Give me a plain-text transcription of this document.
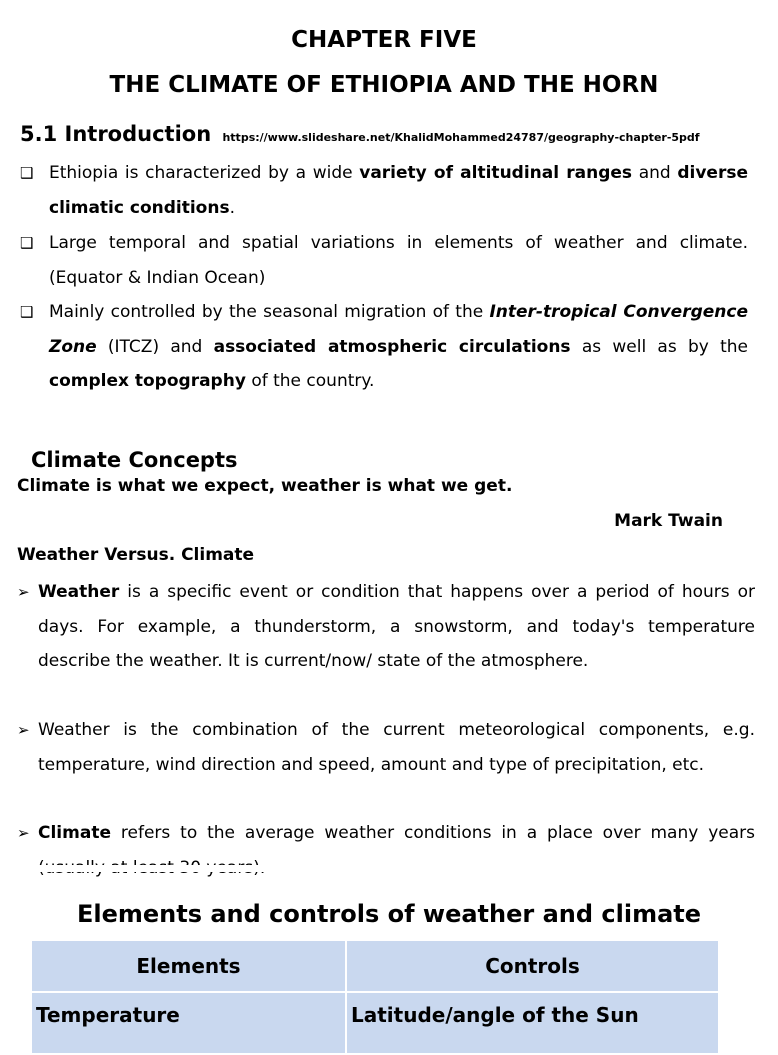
CHAPTER FIVE
THE CLIMATE OF ETHIOPIA AND THE HORN
5.1 Introduction https://www.slideshare.net/KhalidMohammed24787/geography-chapter-5pdf
❑ Ethiopia is characterized by a wide variety of altitudinal ranges and diverse climatic conditions.
❑ Large temporal and spatial variations in elements of weather and climate. (Equator & Indian Ocean)
❑ Mainly controlled by the seasonal migration of the Inter-tropical Convergence Zone (ITCZ) and associated atmospheric circulations as well as by the complex topography of the country.
Climate Concepts
Climate is what we expect, weather is what we get.
Mark Twain
Weather Versus. Climate
➢ Weather is a specific event or condition that happens over a period of hours or days. For example, a thunderstorm, a snowstorm, and today's temperature describe the weather. It is current/now/ state of the atmosphere.
➢ Weather is the combination of the current meteorological components, e.g. temperature, wind direction and speed, amount and type of precipitation, etc.
➢ Climate refers to the average weather conditions in a place over many years
Elements and controls of weather and climate
Elements	Controls
Temperature	Latitude/angle of the Sun
